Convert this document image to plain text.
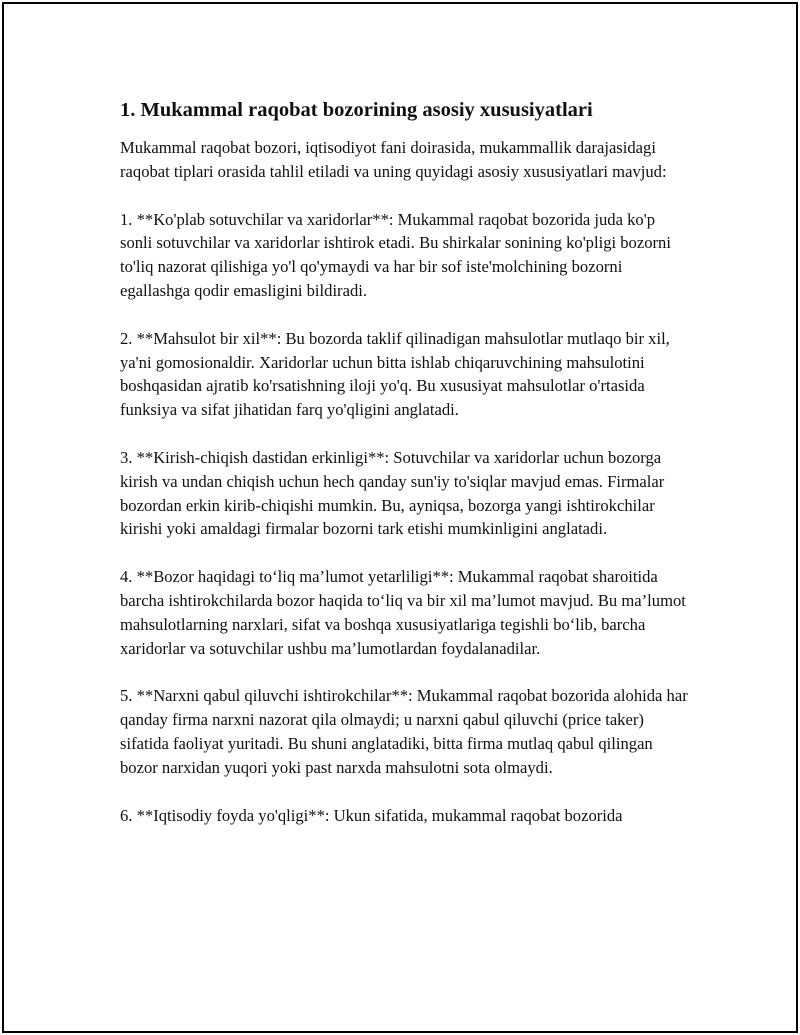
1. Mukammal raqobat bozorining asosiy xususiyatlari

Mukammal raqobat bozori, iqtisodiyot fani doirasida, mukammallik darajasidagi raqobat tiplari orasida tahlil etiladi va uning quyidagi asosiy xususiyatlari mavjud:

1. **Ko'plab sotuvchilar va xaridorlar**: Mukammal raqobat bozorida juda ko'p sonli sotuvchilar va xaridorlar ishtirok etadi. Bu shirkalar sonining ko'pligi bozorni to'liq nazorat qilishiga yo'l qo'ymaydi va har bir sof iste'molchining bozorni egallashga qodir emasligini bildiradi.

2. **Mahsulot bir xil**: Bu bozorda taklif qilinadigan mahsulotlar mutlaqo bir xil, ya'ni gomosionaldir. Xaridorlar uchun bitta ishlab chiqaruvchining mahsulotini boshqasidan ajratib ko'rsatishning iloji yo'q. Bu xususiyat mahsulotlar o'rtasida funksiya va sifat jihatidan farq yo'qligini anglatadi.

3. **Kirish-chiqish dastidan erkinligi**: Sotuvchilar va xaridorlar uchun bozorga kirish va undan chiqish uchun hech qanday sun'iy to'siqlar mavjud emas. Firmalar bozordan erkin kirib-chiqishi mumkin. Bu, ayniqsa, bozorga yangi ishtirokchilar kirishi yoki amaldagi firmalar bozorni tark etishi mumkinligini anglatadi.

4. **Bozor haqidagi to‘liq ma’lumot yetarliligi**: Mukammal raqobat sharoitida barcha ishtirokchilarda bozor haqida to‘liq va bir xil ma’lumot mavjud. Bu ma’lumot mahsulotlarning narxlari, sifat va boshqa xususiyatlariga tegishli bo‘lib, barcha xaridorlar va sotuvchilar ushbu ma’lumotlardan foydalanadilar.

5. **Narxni qabul qiluvchi ishtirokchilar**: Mukammal raqobat bozorida alohida har qanday firma narxni nazorat qila olmaydi; u narxni qabul qiluvchi (price taker) sifatida faoliyat yuritadi. Bu shuni anglatadiki, bitta firma mutlaq qabul qilingan bozor narxidan yuqori yoki past narxda mahsulotni sota olmaydi.

6. **Iqtisodiy foyda yo'qligi**: Ukun sifatida, mukammal raqobat bozorida
